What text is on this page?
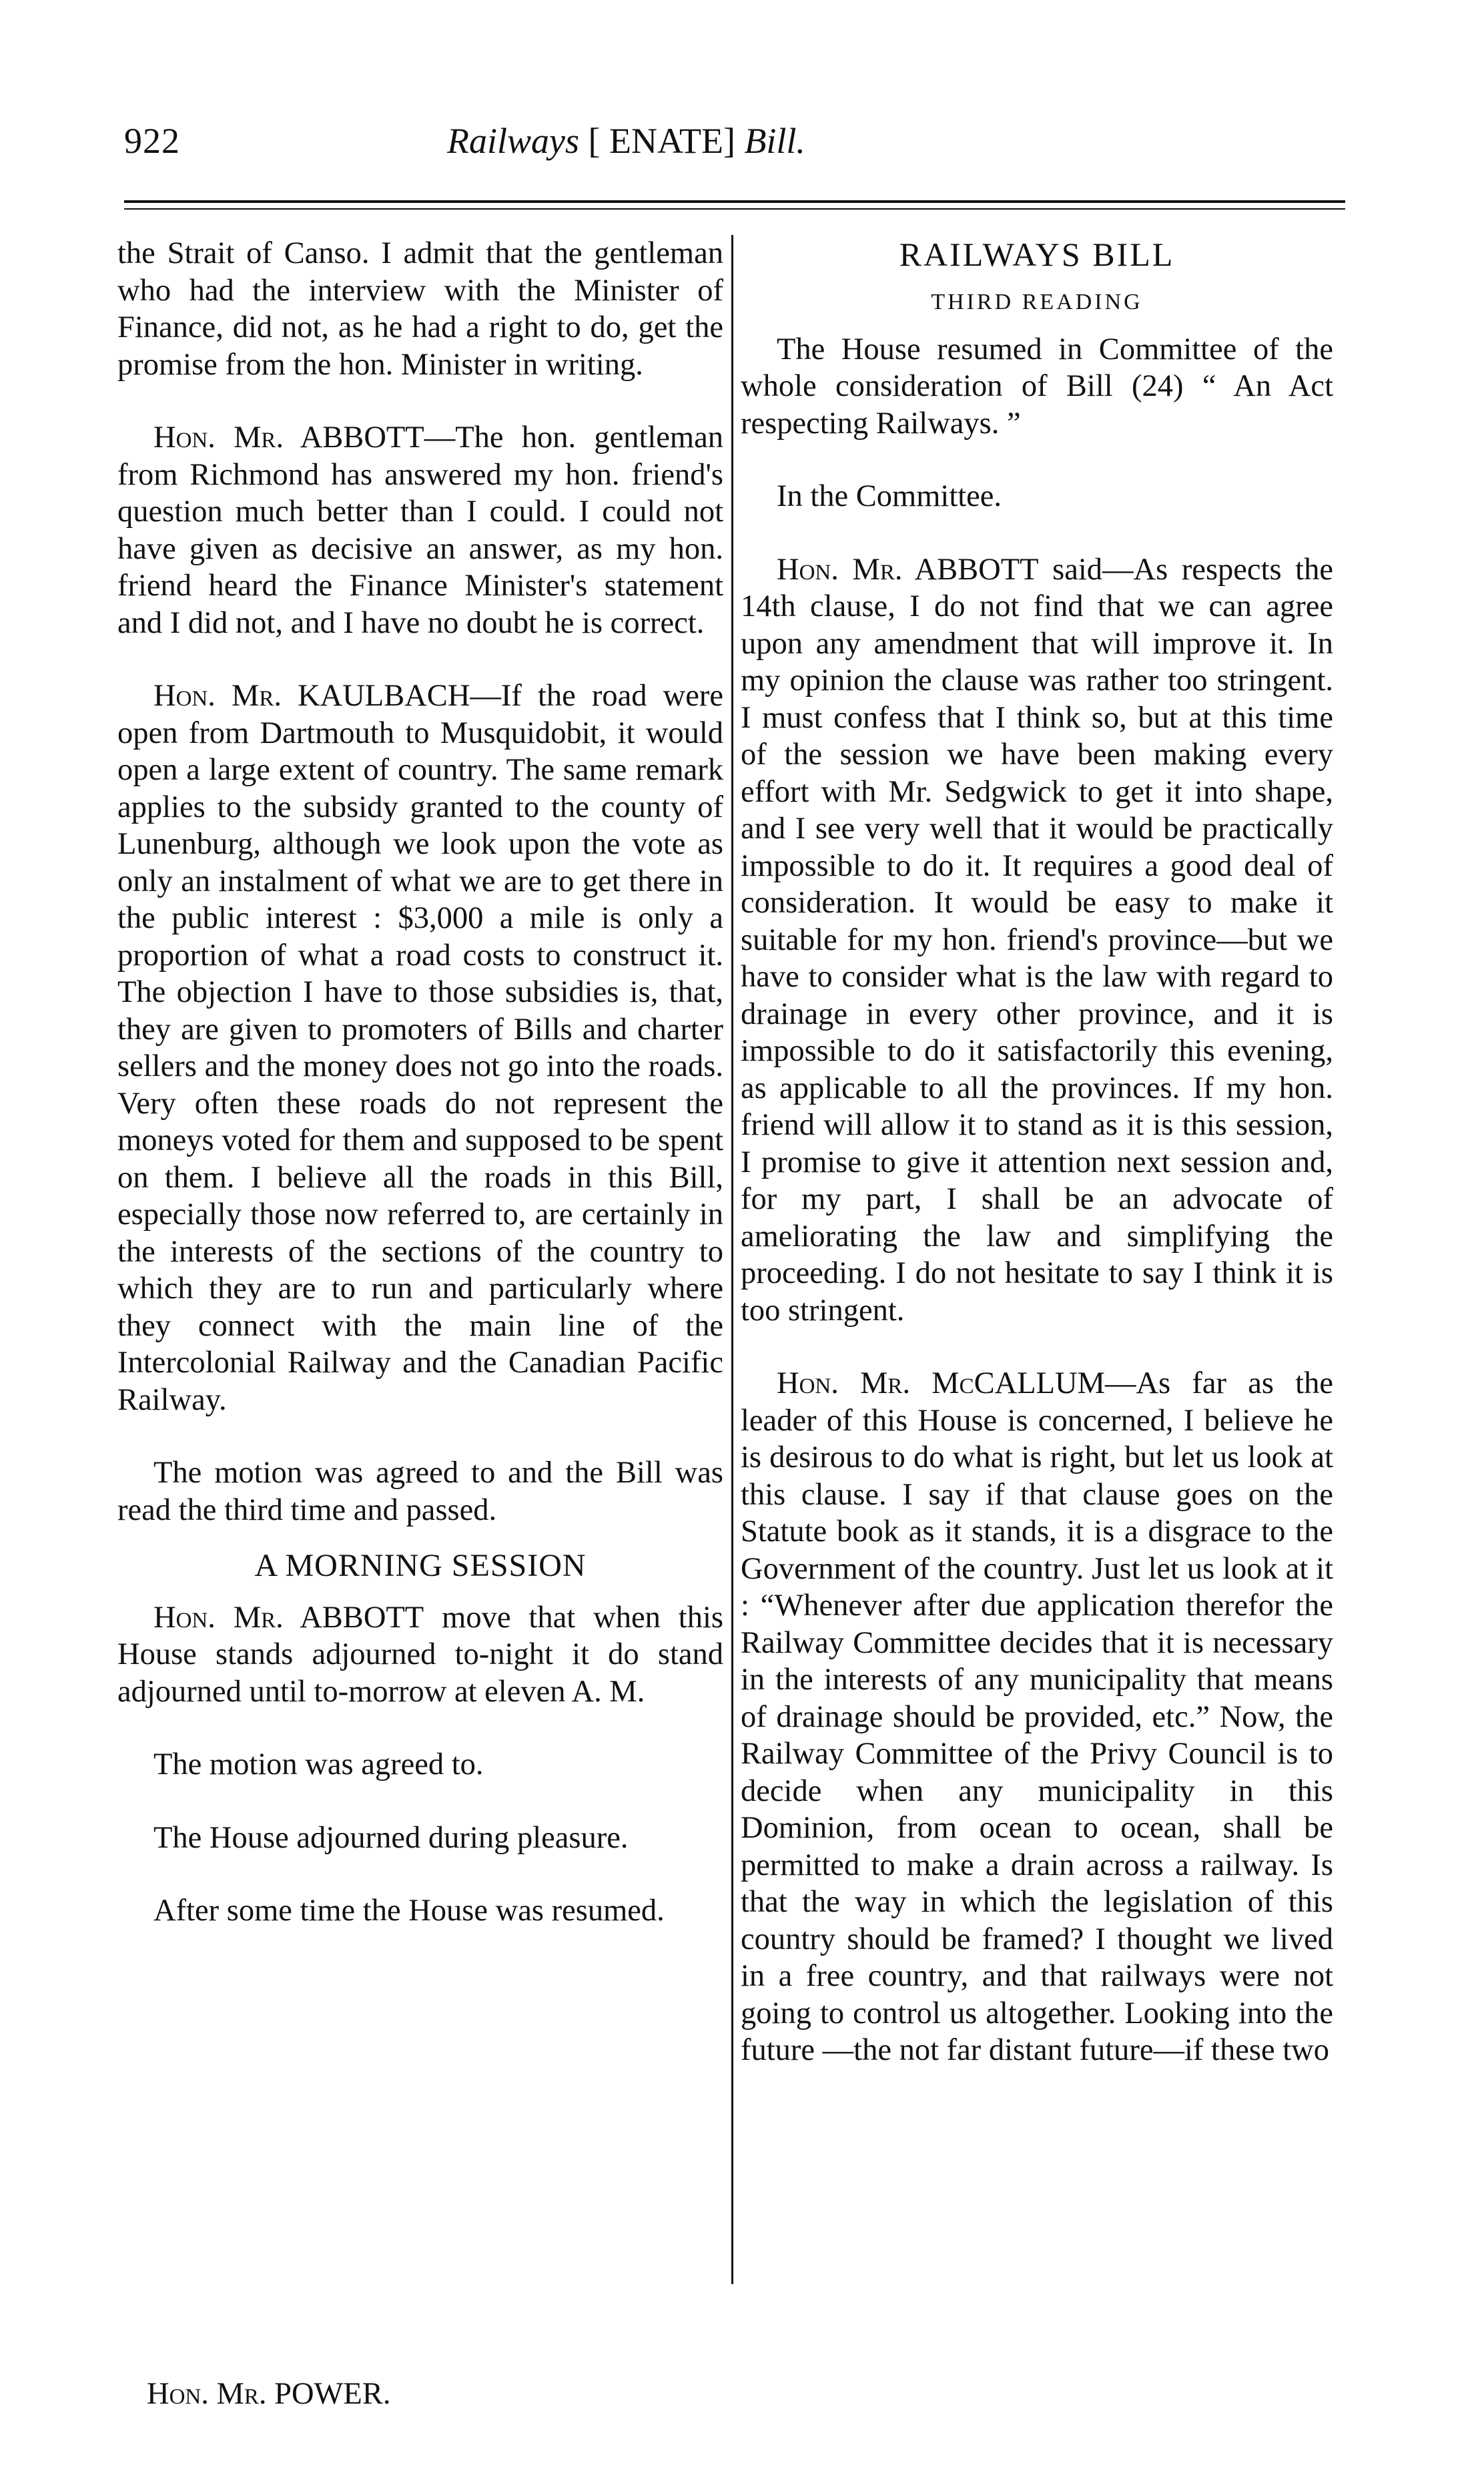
922	Railways [ ENATE] Bill.

the Strait of Canso. I admit that the gentleman who had the interview with the Minister of Finance, did not, as he had a right to do, get the promise from the hon. Minister in writing.

Hon. Mr. ABBOTT—The hon. gentleman from Richmond has answered my hon. friend's question much better than I could. I could not have given as decisive an answer, as my hon. friend heard the Finance Minister's statement and I did not, and I have no doubt he is correct.

Hon. Mr. KAULBACH—If the road were open from Dartmouth to Musquidobit, it would open a large extent of country. The same remark applies to the subsidy granted to the county of Lunenburg, although we look upon the vote as only an instalment of what we are to get there in the public interest : $3,000 a mile is only a proportion of what a road costs to construct it. The objection I have to those subsidies is, that, they are given to promoters of Bills and charter sellers and the money does not go into the roads. Very often these roads do not represent the moneys voted for them and supposed to be spent on them. I believe all the roads in this Bill, especially those now referred to, are certainly in the interests of the sections of the country to which they are to run and particularly where they connect with the main line of the Intercolonial Railway and the Canadian Pacific Railway.

The motion was agreed to and the Bill was read the third time and passed.

A MORNING SESSION

Hon. Mr. ABBOTT move that when this House stands adjourned to-night it do stand adjourned until to-morrow at eleven A. M.

The motion was agreed to.

The House adjourned during pleasure.

After some time the House was resumed.

RAILWAYS BILL

THIRD READING

The House resumed in Committee of the whole consideration of Bill (24) “ An Act respecting Railways. ”

In the Committee.

Hon. Mr. ABBOTT said—As respects the 14th clause, I do not find that we can agree upon any amendment that will improve it. In my opinion the clause was rather too stringent. I must confess that I think so, but at this time of the session we have been making every effort with Mr. Sedgwick to get it into shape, and I see very well that it would be practically impossible to do it. It requires a good deal of consideration. It would be easy to make it suitable for my hon. friend's province—but we have to consider what is the law with regard to drainage in every other province, and it is impossible to do it satisfactorily this evening, as applicable to all the provinces. If my hon. friend will allow it to stand as it is this session, I promise to give it attention next session and, for my part, I shall be an advocate of ameliorating the law and simplifying the proceeding. I do not hesitate to say I think it is too stringent.

Hon. Mr. McCALLUM—As far as the leader of this House is concerned, I believe he is desirous to do what is right, but let us look at this clause. I say if that clause goes on the Statute book as it stands, it is a disgrace to the Government of the country. Just let us look at it : “Whenever after due application therefor the Railway Committee decides that it is necessary in the interests of any municipality that means of drainage should be provided, etc.” Now, the Railway Committee of the Privy Council is to decide when any municipality in this Dominion, from ocean to ocean, shall be permitted to make a drain across a railway. Is that the way in which the legislation of this country should be framed? I thought we lived in a free country, and that railways were not going to control us altogether. Looking into the future —the not far distant future—if these two

Hon. Mr. POWER.
